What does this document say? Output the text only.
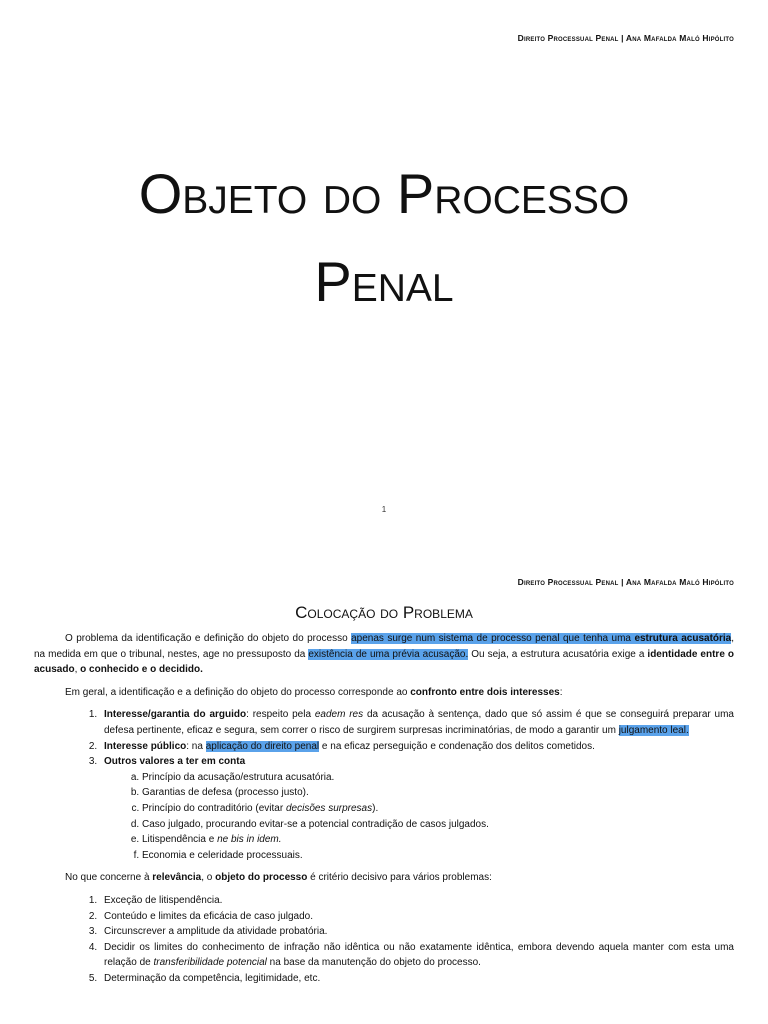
Direito Processual Penal | Ana Mafalda Maló Hipólito
Objeto do Processo
Penal
1
Direito Processual Penal | Ana Mafalda Maló Hipólito
Colocação do Problema

O problema da identificação e definição do objeto do processo apenas surge num sistema de processo penal que tenha uma estrutura acusatória, na medida em que o tribunal, nestes, age no pressuposto da existência de uma prévia acusação. Ou seja, a estrutura acusatória exige a identidade entre o acusado, o conhecido e o decidido.

Em geral, a identificação e a definição do objeto do processo corresponde ao confronto entre dois interesses:

1. Interesse/garantia do arguido: respeito pela eadem res da acusação à sentença, dado que só assim é que se conseguirá preparar uma defesa pertinente, eficaz e segura, sem correr o risco de surgirem surpresas incriminatórias, de modo a garantir um julgamento leal.
2. Interesse público: na aplicação do direito penal e na eficaz perseguição e condenação dos delitos cometidos.
3. Outros valores a ter em conta
a. Princípio da acusação/estrutura acusatória.
b. Garantias de defesa (processo justo).
c. Princípio do contraditório (evitar decisões surpresas).
d. Caso julgado, procurando evitar-se a potencial contradição de casos julgados.
e. Litispendência e ne bis in idem.
f. Economia e celeridade processuais.

No que concerne à relevância, o objeto do processo é critério decisivo para vários problemas:

1. Exceção de litispendência.
2. Conteúdo e limites da eficácia de caso julgado.
3. Circunscrever a amplitude da atividade probatória.
4. Decidir os limites do conhecimento de infração não idêntica ou não exatamente idêntica, embora devendo aquela manter com esta uma relação de transferibilidade potencial na base da manutenção do objeto do processo.
5. Determinação da competência, legitimidade, etc.
